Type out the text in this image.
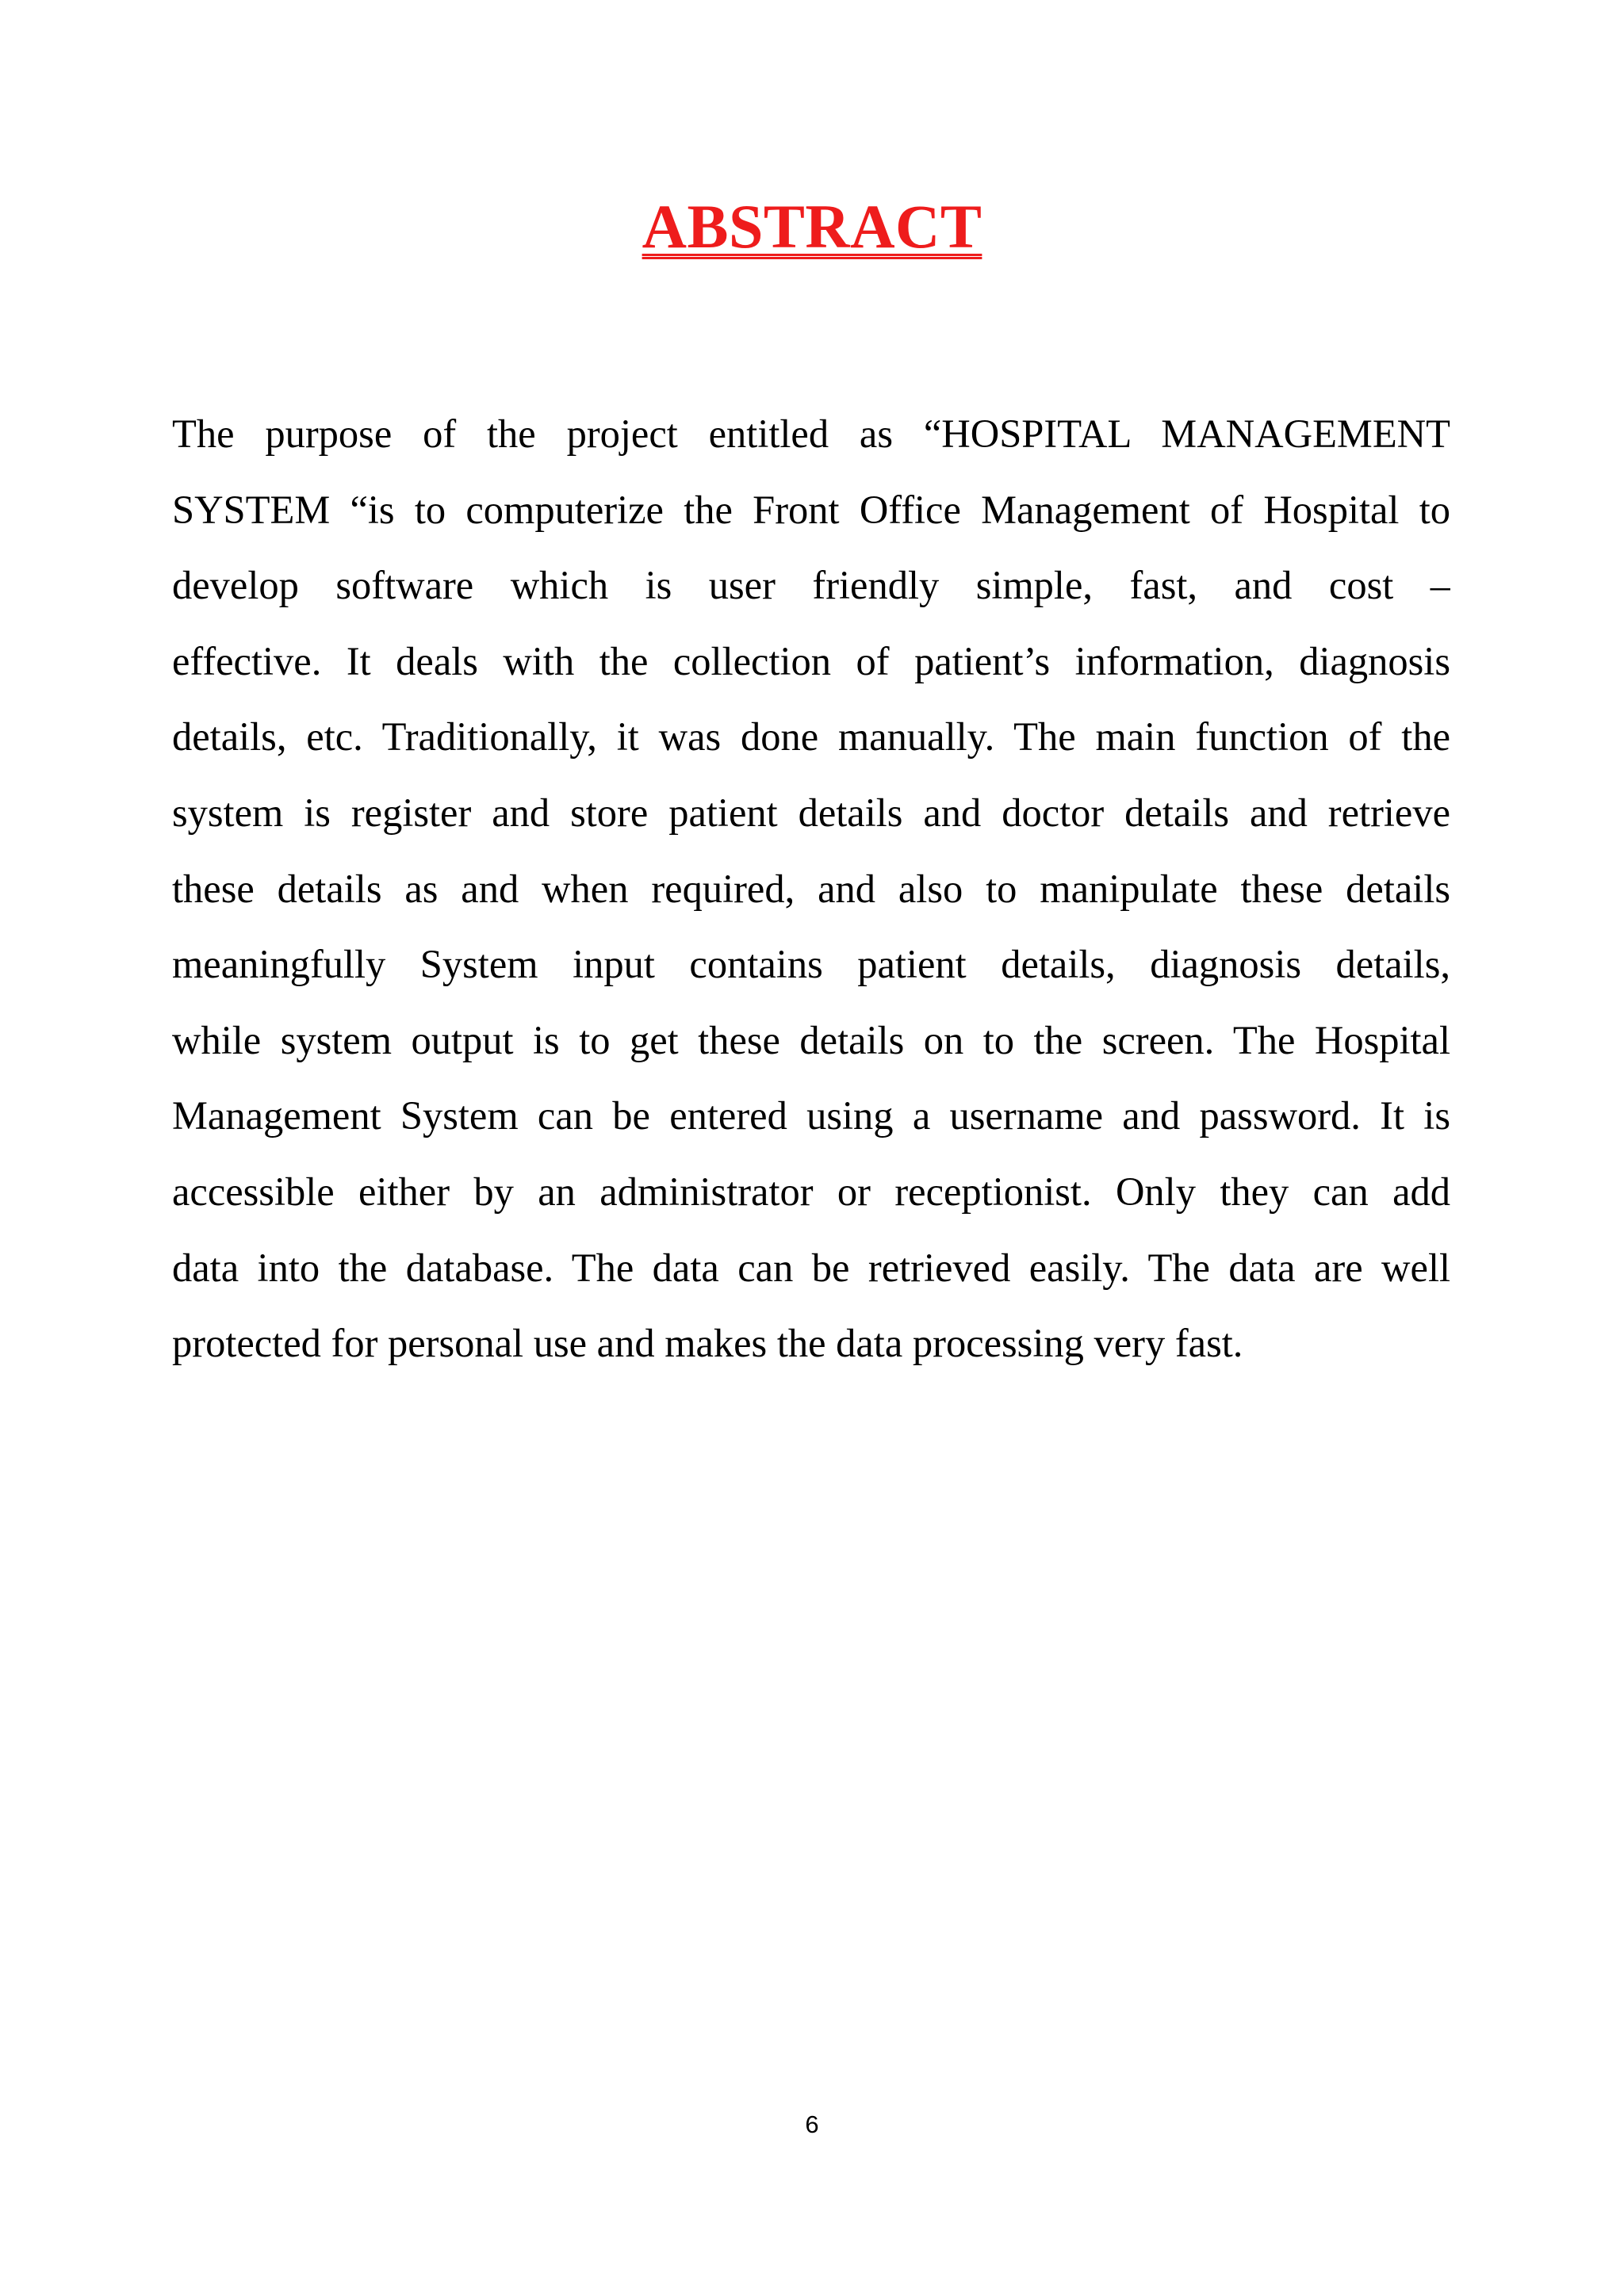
ABSTRACT
The purpose of the project entitled as “HOSPITAL MANAGEMENT
SYSTEM “is to computerize the Front Office Management of Hospital to
develop software which is user friendly simple, fast, and cost –
effective. It deals with the collection of patient’s information, diagnosis
details, etc. Traditionally, it was done manually. The main function of the
system is register and store patient details and doctor details and retrieve
these details as and when required, and also to manipulate these details
meaningfully System input contains patient details, diagnosis details,
while system output is to get these details on to the screen. The Hospital
Management System can be entered using a username and password. It is
accessible either by an administrator or receptionist. Only they can add
data into the database. The data can be retrieved easily. The data are well
protected for personal use and makes the data processing very fast.
6
